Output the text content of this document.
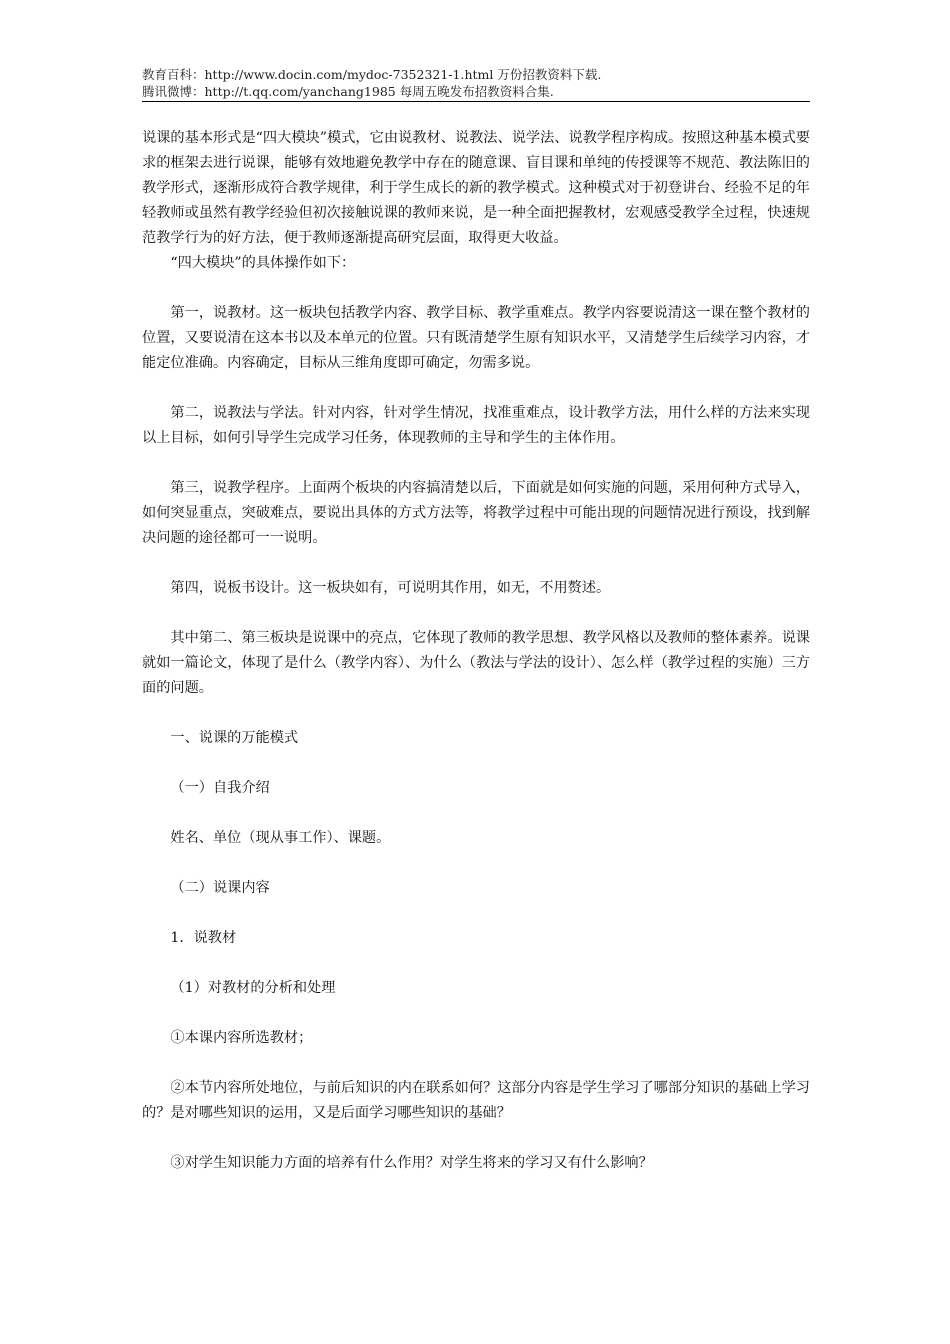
教育百科：http://www.docin.com/mydoc-7352321-1.html 万份招教资料下载.
腾讯微博：http://t.qq.com/yanchang1985 每周五晚发布招教资料合集.

说课的基本形式是“四大模块”模式，它由说教材、说教法、说学法、说教学程序构成。按照这种基本模式要求的框架去进行说课，能够有效地避免教学中存在的随意课、盲目课和单纯的传授课等不规范、教法陈旧的教学形式，逐渐形成符合教学规律，利于学生成长的新的教学模式。这种模式对于初登讲台、经验不足的年轻教师或虽然有教学经验但初次接触说课的教师来说，是一种全面把握教材，宏观感受教学全过程，快速规范教学行为的好方法，便于教师逐渐提高研究层面，取得更大收益。

“四大模块”的具体操作如下：

第一，说教材。这一板块包括教学内容、教学目标、教学重难点。教学内容要说清这一课在整个教材的位置，又要说清在这本书以及本单元的位置。只有既清楚学生原有知识水平，又清楚学生后续学习内容，才能定位准确。内容确定，目标从三维角度即可确定，勿需多说。

第二，说教法与学法。针对内容，针对学生情况，找准重难点，设计教学方法，用什么样的方法来实现以上目标，如何引导学生完成学习任务，体现教师的主导和学生的主体作用。

第三，说教学程序。上面两个板块的内容搞清楚以后，下面就是如何实施的问题，采用何种方式导入，如何突显重点，突破难点，要说出具体的方式方法等，将教学过程中可能出现的问题情况进行预设，找到解决问题的途径都可一一说明。

第四，说板书设计。这一板块如有，可说明其作用，如无，不用赘述。

其中第二、第三板块是说课中的亮点，它体现了教师的教学思想、教学风格以及教师的整体素养。说课就如一篇论文，体现了是什么（教学内容）、为什么（教法与学法的设计）、怎么样（教学过程的实施）三方面的问题。

一、说课的万能模式

（一）自我介绍

姓名、单位（现从事工作）、课题。

（二）说课内容

1．说教材

（1）对教材的分析和处理

①本课内容所选教材；

②本节内容所处地位，与前后知识的内在联系如何？这部分内容是学生学习了哪部分知识的基础上学习的？是对哪些知识的运用，又是后面学习哪些知识的基础？

③对学生知识能力方面的培养有什么作用？对学生将来的学习又有什么影响？
